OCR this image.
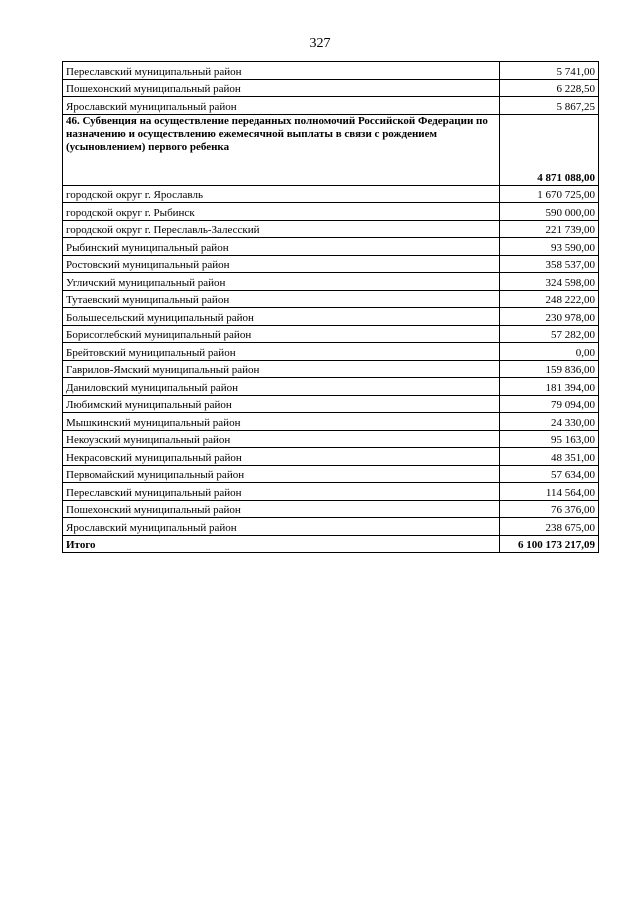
327
Переславский муниципальный район	5 741,00
Пошехонский муниципальный район	6 228,50
Ярославский муниципальный район	5 867,25
46. Субвенция на осуществление переданных полномочий Российской Федерации по назначению и осуществлению ежемесячной выплаты в связи с рождением (усыновлением) первого ребенка	4 871 088,00
городской округ г. Ярославль	1 670 725,00
городской округ г. Рыбинск	590 000,00
городской округ г. Переславль-Залесский	221 739,00
Рыбинский муниципальный район	93 590,00
Ростовский муниципальный район	358 537,00
Угличский муниципальный район	324 598,00
Тутаевский муниципальный район	248 222,00
Большесельский муниципальный район	230 978,00
Борисоглебский муниципальный район	57 282,00
Брейтовский муниципальный район	0,00
Гаврилов-Ямский муниципальный район	159 836,00
Даниловский муниципальный район	181 394,00
Любимский муниципальный район	79 094,00
Мышкинский муниципальный район	24 330,00
Некоузский муниципальный район	95 163,00
Некрасовский муниципальный район	48 351,00
Первомайский муниципальный район	57 634,00
Переславский муниципальный район	114 564,00
Пошехонский муниципальный район	76 376,00
Ярославский муниципальный район	238 675,00
Итого	6 100 173 217,09
